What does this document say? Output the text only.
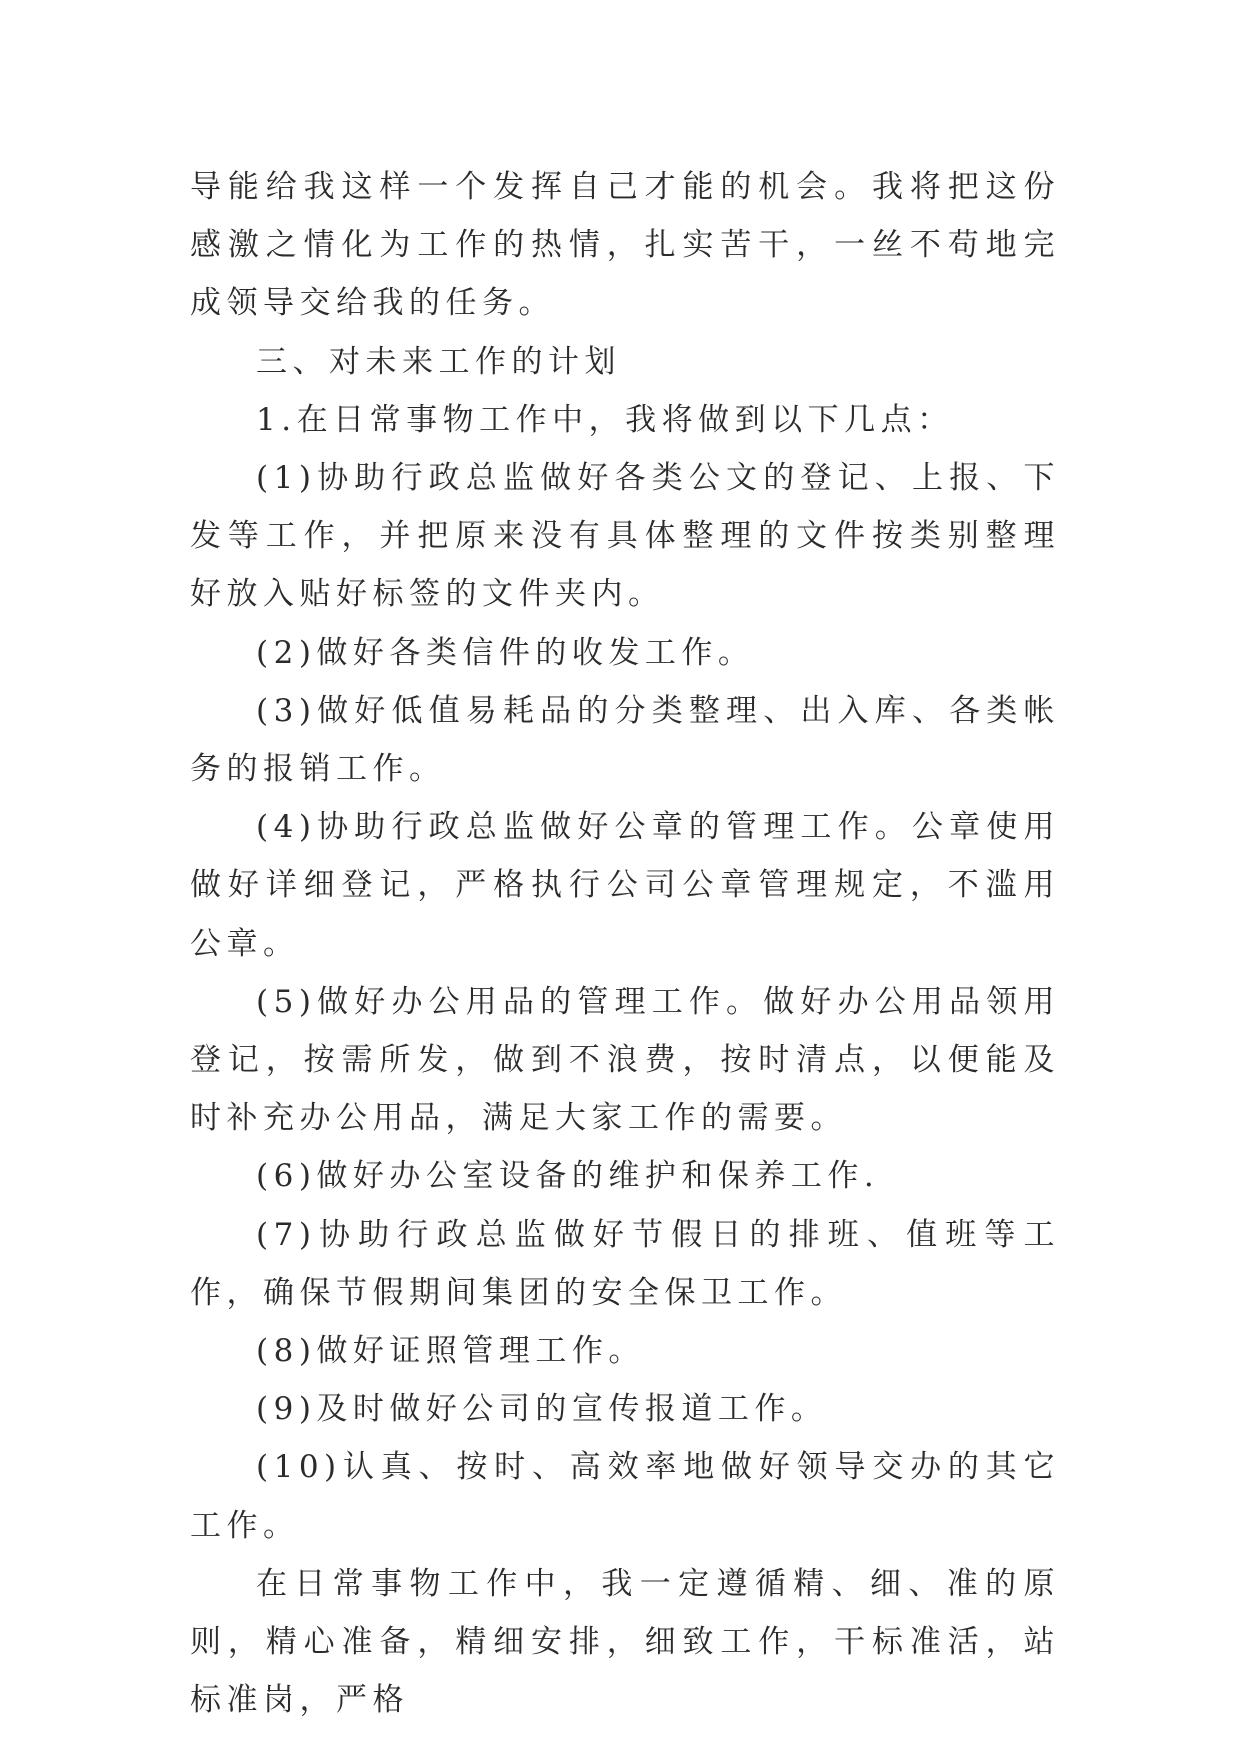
导能给我这样一个发挥自己才能的机会。我将把这份感激之情化为工作的热情，扎实苦干，一丝不苟地完成领导交给我的任务。

三、对未来工作的计划

1.在日常事物工作中，我将做到以下几点：

(1)协助行政总监做好各类公文的登记、上报、下发等工作，并把原来没有具体整理的文件按类别整理好放入贴好标签的文件夹内。

(2)做好各类信件的收发工作。

(3)做好低值易耗品的分类整理、出入库、各类帐务的报销工作。

(4)协助行政总监做好公章的管理工作。公章使用做好详细登记，严格执行公司公章管理规定，不滥用公章。

(5)做好办公用品的管理工作。做好办公用品领用登记，按需所发，做到不浪费，按时清点，以便能及时补充办公用品，满足大家工作的需要。

(6)做好办公室设备的维护和保养工作.

(7)协助行政总监做好节假日的排班、值班等工作，确保节假期间集团的安全保卫工作。

(8)做好证照管理工作。

(9)及时做好公司的宣传报道工作。

(10)认真、按时、高效率地做好领导交办的其它工作。

在日常事物工作中，我一定遵循精、细、准的原则，精心准备，精细安排，细致工作，干标准活，站标准岗，严格
